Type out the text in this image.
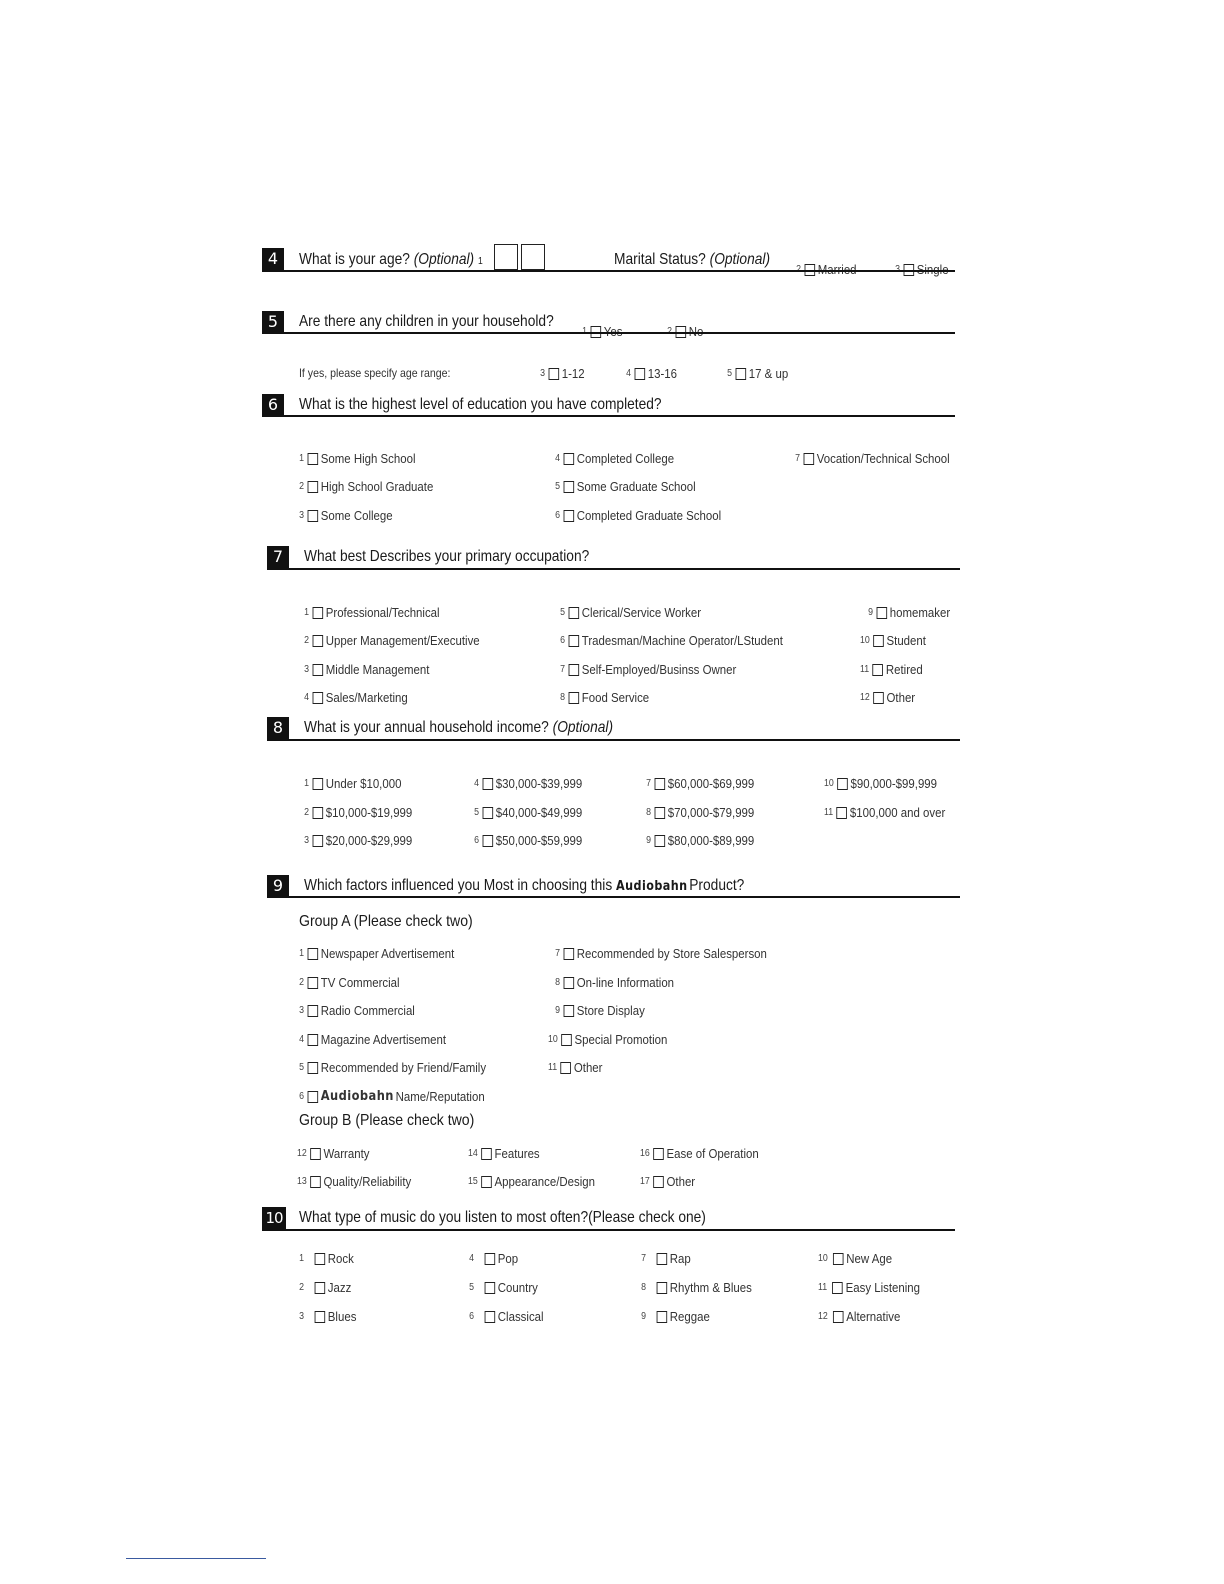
4	What is your age? (Optional) 1	Marital Status? (Optional)
5	Are there any children in your household?
If yes, please specify age range:	3 1-12	4 13-16	5 17 & up
6	What is the highest level of education you have completed?
1 Some High School
2 High School Graduate
3 Some College
4 Completed College
5 Some Graduate School
6 Completed Graduate School
7 Vocation/Technical School
7	What best Describes your primary occupation?
1 Professional/Technical
2 Upper Management/Executive
3 Middle Management
4 Sales/Marketing
5 Clerical/Service Worker
6 Tradesman/Machine Operator/LStudent
7 Self-Employed/Businss Owner
8 Food Service
9 homemaker
10 Student
11 Retired
12 Other
8	What is your annual household income? (Optional)
1 Under $10,000
2 $10,000-$19,999
3 $20,000-$29,999
4 $30,000-$39,999
5 $40,000-$49,999
6 $50,000-$59,999
7 $60,000-$69,999
8 $70,000-$79,999
9 $80,000-$89,999
10 $90,000-$99,999
11 $100,000 and over
9	Which factors influenced you Most in choosing this Audiobahn Product?
Group A (Please check two)
1 Newspaper Advertisement
2 TV Commercial
3 Radio Commercial
4 Magazine Advertisement
5 Recommended by Friend/Family
6 Audiobahn Name/Reputation
7 Recommended by Store Salesperson
8 On-line Information
9 Store Display
10 Special Promotion
11 Other
Group B (Please check two)
12 Warranty
13 Quality/Reliability
14 Features
15 Appearance/Design
16 Ease of Operation
17 Other
10 What type of music do you listen to most often?(Please check one)
1 Rock
2 Jazz
3 Blues
4 Pop
5 Country
6 Classical
7 Rap
8 Rhythm & Blues
9 Reggae
10 New Age
11 Easy Listening
12 Alternative
